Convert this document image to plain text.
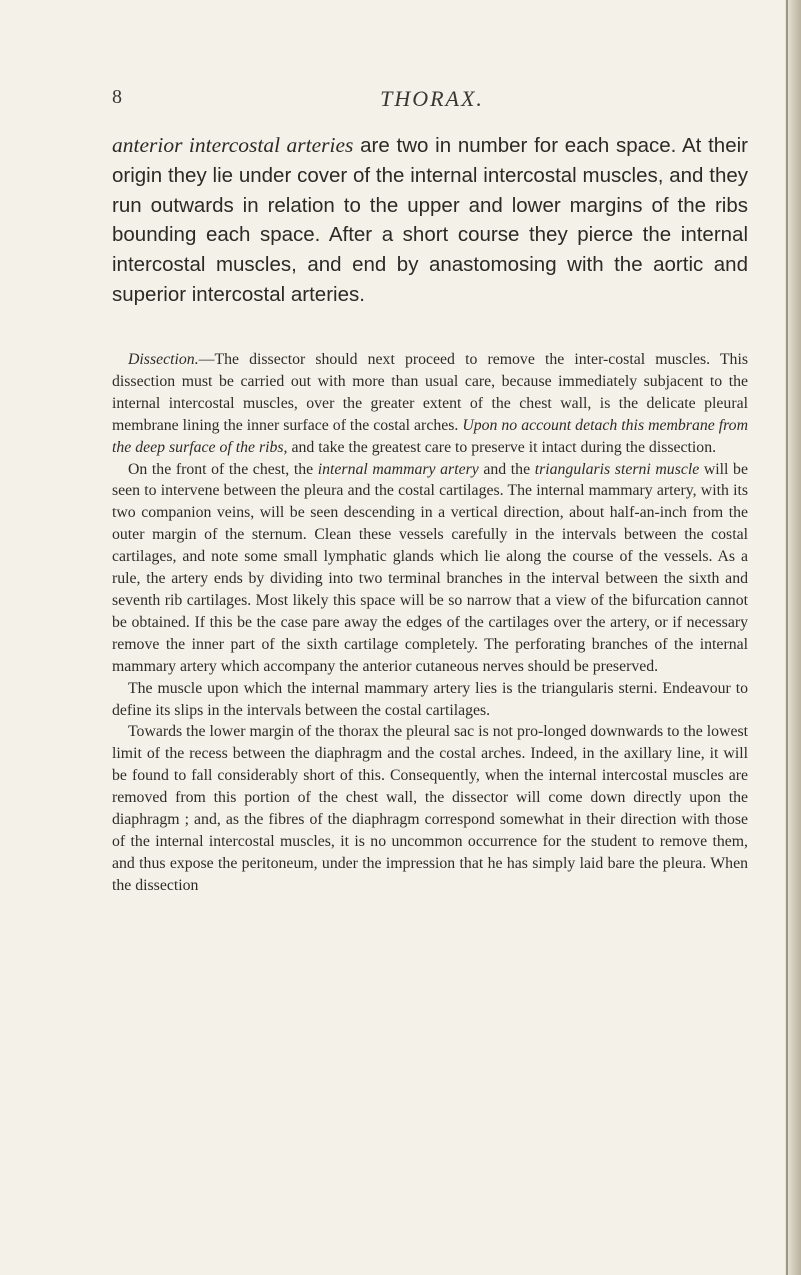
8	THORAX.

anterior intercostal arteries are two in number for each space. At their origin they lie under cover of the internal intercostal muscles, and they run outwards in relation to the upper and lower margins of the ribs bounding each space. After a short course they pierce the internal intercostal muscles, and end by anastomosing with the aortic and superior intercostal arteries.

Dissection.—The dissector should next proceed to remove the inter-costal muscles. This dissection must be carried out with more than usual care, because immediately subjacent to the internal intercostal muscles, over the greater extent of the chest wall, is the delicate pleural membrane lining the inner surface of the costal arches. Upon no account detach this membrane from the deep surface of the ribs, and take the greatest care to preserve it intact during the dissection.

On the front of the chest, the internal mammary artery and the triangularis sterni muscle will be seen to intervene between the pleura and the costal cartilages. The internal mammary artery, with its two companion veins, will be seen descending in a vertical direction, about half-an-inch from the outer margin of the sternum. Clean these vessels carefully in the intervals between the costal cartilages, and note some small lymphatic glands which lie along the course of the vessels. As a rule, the artery ends by dividing into two terminal branches in the interval between the sixth and seventh rib cartilages. Most likely this space will be so narrow that a view of the bifurcation cannot be obtained. If this be the case pare away the edges of the cartilages over the artery, or if necessary remove the inner part of the sixth cartilage completely. The perforating branches of the internal mammary artery which accompany the anterior cutaneous nerves should be preserved.

The muscle upon which the internal mammary artery lies is the triangularis sterni. Endeavour to define its slips in the intervals between the costal cartilages.

Towards the lower margin of the thorax the pleural sac is not pro-longed downwards to the lowest limit of the recess between the diaphragm and the costal arches. Indeed, in the axillary line, it will be found to fall considerably short of this. Consequently, when the internal intercostal muscles are removed from this portion of the chest wall, the dissector will come down directly upon the diaphragm ; and, as the fibres of the diaphragm correspond somewhat in their direction with those of the internal intercostal muscles, it is no uncommon occurrence for the student to remove them, and thus expose the peritoneum, under the impression that he has simply laid bare the pleura. When the dissection
